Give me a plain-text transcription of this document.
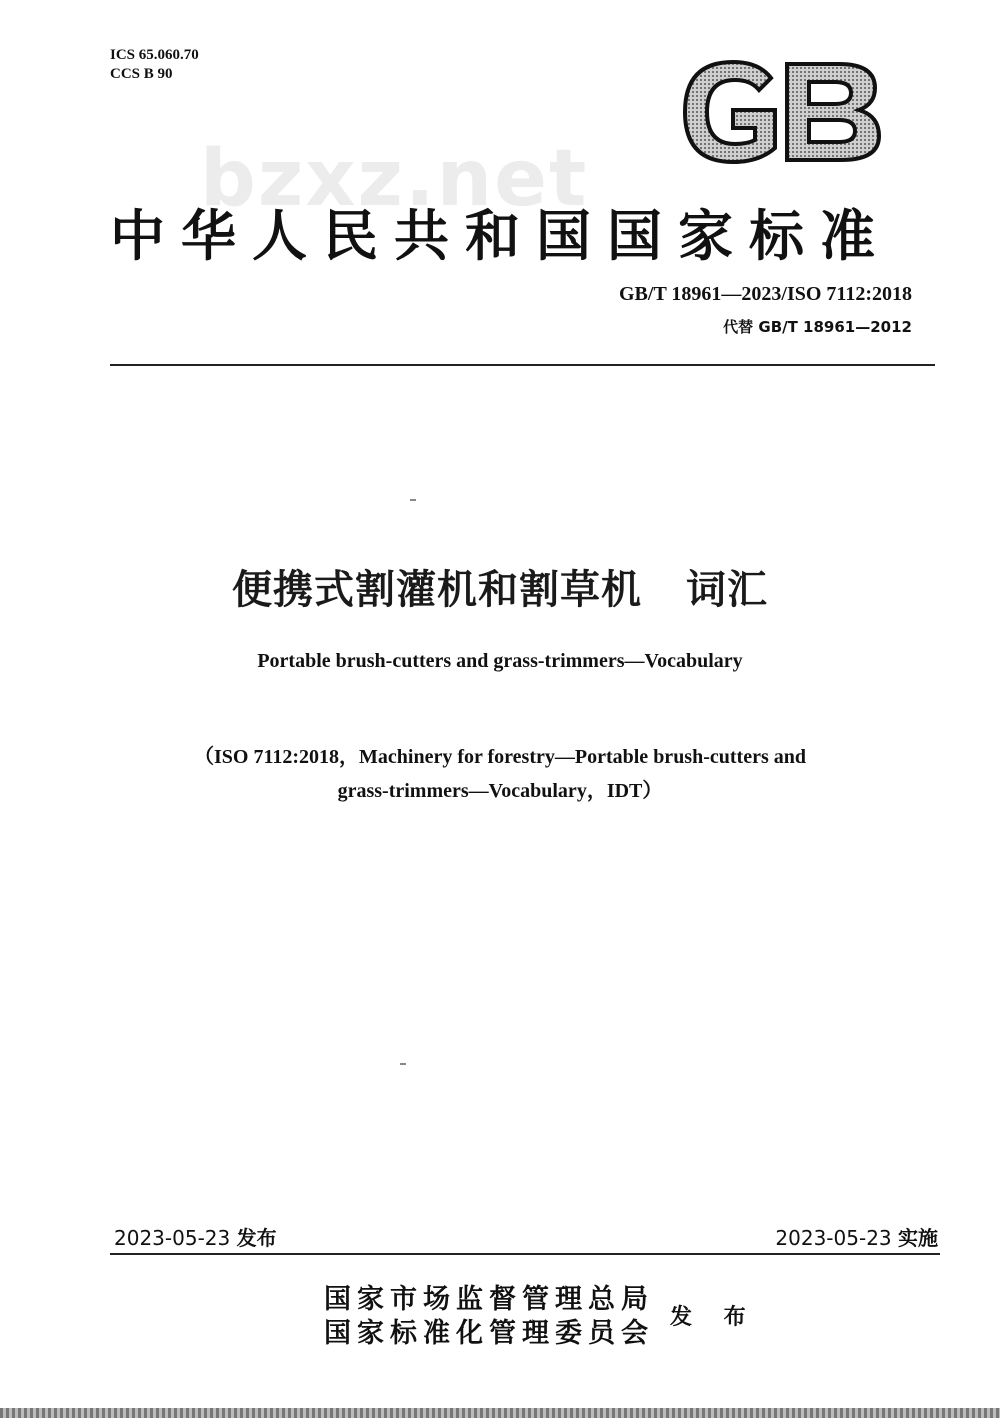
ICS 65.060.70
CCS B 90
bzxz.net
中华人民共和国国家标准
GB/T 18961—2023/ISO 7112:2018
代替 GB/T 18961—2012
便携式割灌机和割草机 词汇
Portable brush-cutters and grass-trimmers—Vocabulary
（ISO 7112:2018，Machinery for forestry—Portable brush-cutters and
grass-trimmers—Vocabulary，IDT）
2023-05-23 发布	2023-05-23 实施
国家市场监督管理总局
国家标准化管理委员会
发 布
